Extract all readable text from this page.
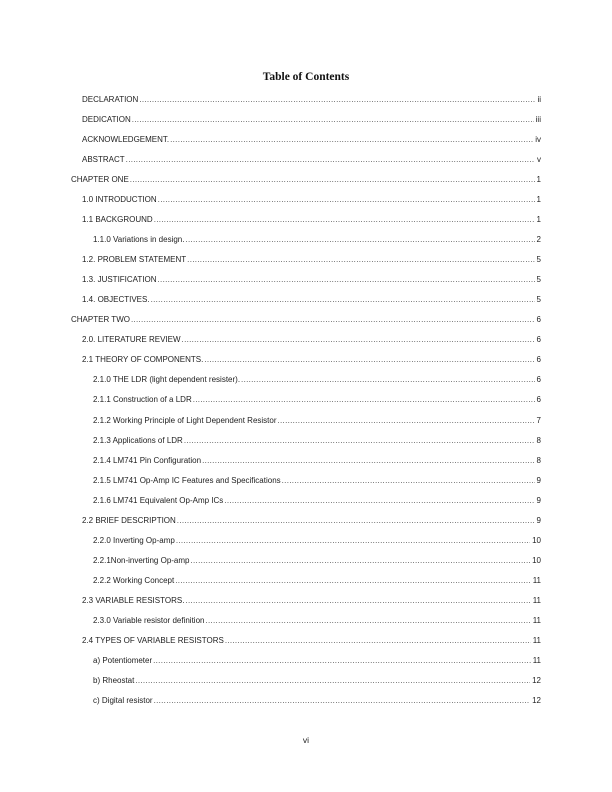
Table of Contents
DECLARATION .....	ii
DEDICATION .....	iii
ACKNOWLEDGEMENT. .....	iv
ABSTRACT .....	v
CHAPTER ONE .....	1
1.0 INTRODUCTION .....	1
1.1 BACKGROUND .....	1
1.1.0 Variations in design. .....	2
1.2. PROBLEM STATEMENT .....	5
1.3. JUSTIFICATION .....	5
1.4. OBJECTIVES. .....	5
CHAPTER TWO .....	6
2.0. LITERATURE REVIEW .....	6
2.1 THEORY OF COMPONENTS. .....	6
2.1.0 THE LDR (light dependent resister). .....	6
2.1.1 Construction of a LDR .....	6
2.1.2 Working Principle of Light Dependent Resistor .....	7
2.1.3 Applications of LDR .....	8
2.1.4 LM741 Pin Configuration .....	8
2.1.5 LM741 Op-Amp IC Features and Specifications .....	9
2.1.6 LM741 Equivalent Op-Amp ICs .....	9
2.2 BRIEF DESCRIPTION .....	9
2.2.0 Inverting Op-amp .....	10
2.2.1Non-inverting Op-amp .....	10
2.2.2 Working Concept .....	11
2.3 VARIABLE RESISTORS. .....	11
2.3.0 Variable resistor definition .....	11
2.4 TYPES OF VARIABLE RESISTORS .....	11
a) Potentiometer .....	11
b) Rheostat .....	12
c) Digital resistor .....	12
vi
